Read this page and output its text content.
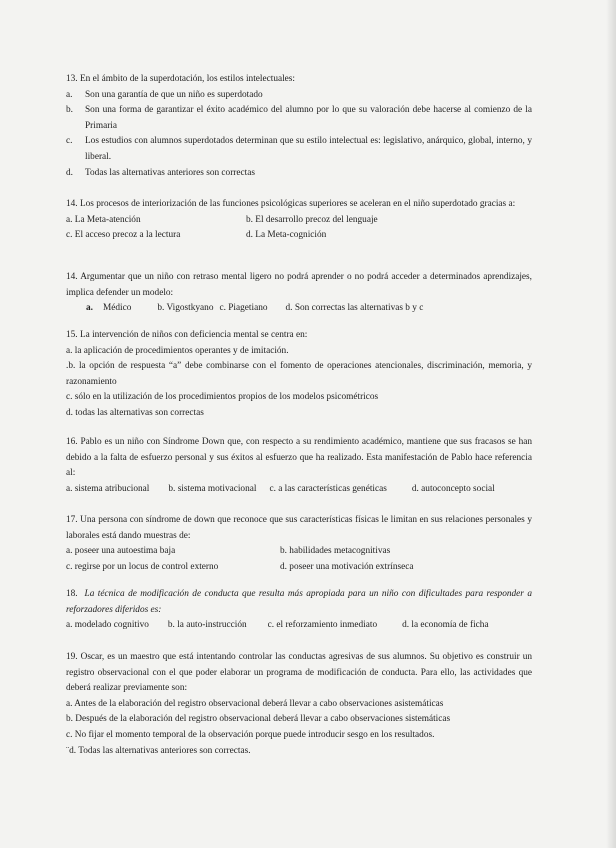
13. En el ámbito de la superdotación, los estilos intelectuales:

a.	Son una garantía de que un niño es superdotado
b.	Son una forma de garantizar el éxito académico del alumno por lo que su valoración debe hacerse al comienzo de la Primaria
c.	Los estudios con alumnos superdotados determinan que su estilo intelectual es: legislativo, anárquico, global, interno, y liberal.
d.	Todas las alternativas anteriores son correctas

14. Los procesos de interiorización de las funciones psicológicas superiores se aceleran en el niño superdotado gracias a:

a. La Meta-atención	b. El desarrollo precoz del lenguaje
c. El acceso precoz a la lectura	d. La Meta-cognición

14. Argumentar que un niño con retraso mental ligero no podrá aprender o no podrá acceder a determinados aprendizajes, implica defender un modelo:

a. Médico	b. Vigostkyano c. Piagetiano d. Son correctas las alternativas b y c

15. La intervención de niños con deficiencia mental se centra en:

a. la aplicación de procedimientos operantes y de imitación.

.b. la opción de respuesta “a” debe combinarse con el fomento de operaciones atencionales, discriminación, memoria, y razonamiento

c. sólo en la utilización de los procedimientos propios de los modelos psicométricos

d. todas las alternativas son correctas

16. Pablo es un niño con Síndrome Down que, con respecto a su rendimiento académico, mantiene que sus fracasos se han debido a la falta de esfuerzo personal y sus éxitos al esfuerzo que ha realizado. Esta manifestación de Pablo hace referencia al:

a. sistema atribucional b. sistema motivacional c. a las características genéticas	d. autoconcepto social

17. Una persona con síndrome de down que reconoce que sus características físicas le limitan en sus relaciones personales y laborales está dando muestras de:

a. poseer una autoestima baja	b. habilidades metacognitivas
c. regirse por un locus de control externo	d. poseer una motivación extrínseca

18. La técnica de modificación de conducta que resulta más apropiada para un niño con dificultades para responder a reforzadores diferidos es:

a. modelado cognitivo b. la auto-instrucción c. el reforzamiento inmediato	d. la economía de ficha

19. Oscar, es un maestro que está intentando controlar las conductas agresivas de sus alumnos. Su objetivo es construir un registro observacional con el que poder elaborar un programa de modificación de conducta. Para ello, las actividades que deberá realizar previamente son:

a. Antes de la elaboración del registro observacional deberá llevar a cabo observaciones asistemáticas

b. Después de la elaboración del registro observacional deberá llevar a cabo observaciones sistemáticas

c. No fijar el momento temporal de la observación porque puede introducir sesgo en los resultados.

¨d. Todas las alternativas anteriores son correctas.
